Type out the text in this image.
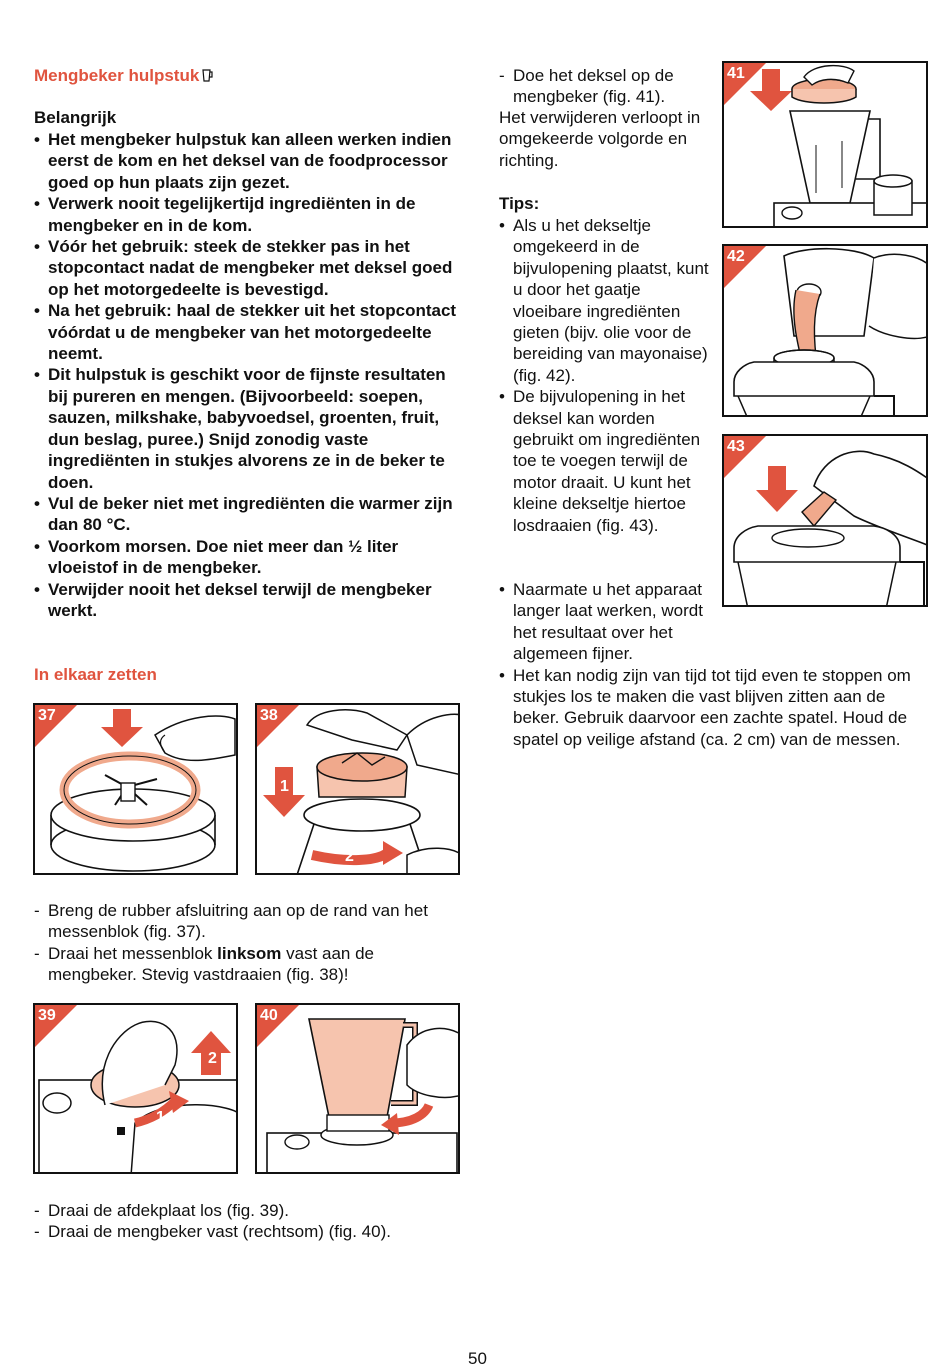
Mengbeker hulpstuk
Belangrijk
• Het mengbeker hulpstuk kan alleen werken indien eerst de kom en het deksel van de foodprocessor goed op hun plaats zijn gezet.
• Verwerk nooit tegelijkertijd ingrediënten in de mengbeker en in de kom.
• Vóór het gebruik: steek de stekker pas in het stopcontact nadat de mengbeker met deksel goed op het motorgedeelte is bevestigd.
• Na het gebruik: haal de stekker uit het stopcontact vóórdat u de mengbeker van het motorgedeelte neemt.
• Dit hulpstuk is geschikt voor de fijnste resultaten bij pureren en mengen. (Bijvoorbeeld: soepen, sauzen, milkshake, babyvoedsel, groenten, fruit, dun beslag, puree.) Snijd zonodig vaste ingrediënten in stukjes alvorens ze in de beker te doen.
• Vul de beker niet met ingrediënten die warmer zijn dan 80 °C.
• Voorkom morsen. Doe niet meer dan ½ liter vloeistof in de mengbeker.
• Verwijder nooit het deksel terwijl de mengbeker werkt.
In elkaar zetten
37	38
1
2
- Breng de rubber afsluitring aan op de rand van het messenblok (fig. 37).
- Draai het messenblok linksom vast aan de mengbeker. Stevig vastdraaien (fig. 38)!
39
2
1
40
- Draai de afdekplaat los (fig. 39).
- Draai de mengbeker vast (rechtsom) (fig. 40).
- Doe het deksel op de mengbeker (fig. 41).
Het verwijderen verloopt in omgekeerde volgorde en richting.
Tips:
• Als u het dekseltje omgekeerd in de bijvulopening plaatst, kunt u door het gaatje vloeibare ingrediënten gieten (bijv. olie voor de bereiding van mayonaise) (fig. 42).
• De bijvulopening in het deksel kan worden gebruikt om ingrediënten toe te voegen terwijl de motor draait. U kunt het kleine dekseltje hiertoe losdraaien (fig. 43).
• Naarmate u het apparaat langer laat werken, wordt het resultaat over het algemeen fijner.
• Het kan nodig zijn van tijd tot tijd even te stoppen om stukjes los te maken die vast blijven zitten aan de beker. Gebruik daarvoor een zachte spatel. Houd de spatel op veilige afstand (ca. 2 cm) van de messen.
41
42
43
50
